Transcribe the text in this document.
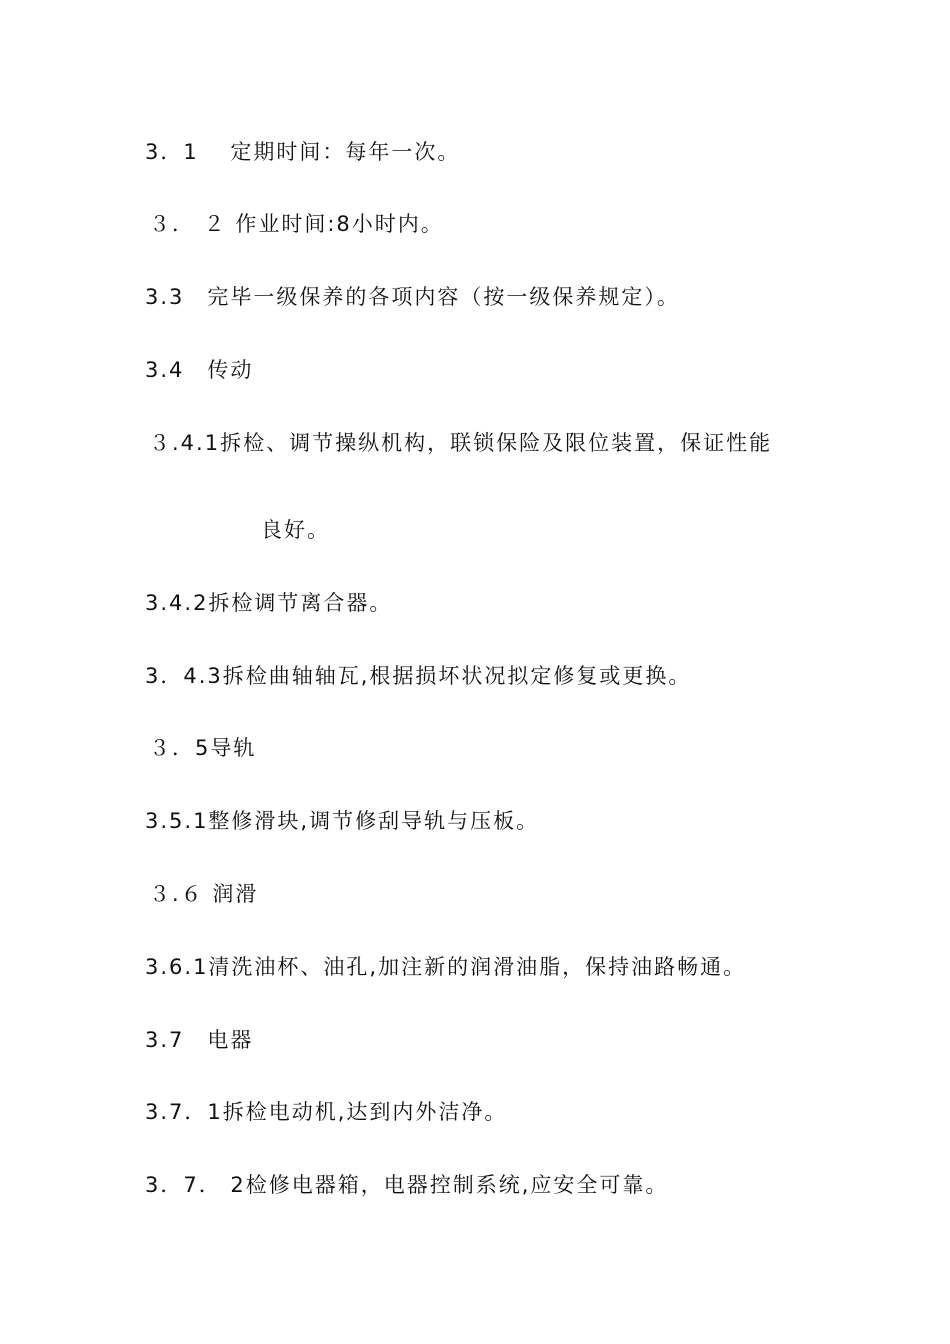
3．1　 定期时间：每年一次。
３． ２ 作业时间:8小时内。
3.3　完毕一级保养的各项内容（按一级保养规定）。
3.4　传动
３.4.1拆检、调节操纵机构，联锁保险及限位装置，保证性能
良好。
3.4.2拆检调节离合器。
3．4.3拆检曲轴轴瓦,根据损坏状况拟定修复或更换。
３．5导轨
3.5.1整修滑块,调节修刮导轨与压板。
３.６ 润滑
3.6.1清洗油杯、油孔,加注新的润滑油脂，保持油路畅通。
3.7　电器
3.7．1拆检电动机,达到内外洁净。
3．7． 2检修电器箱，电器控制系统,应安全可靠。
